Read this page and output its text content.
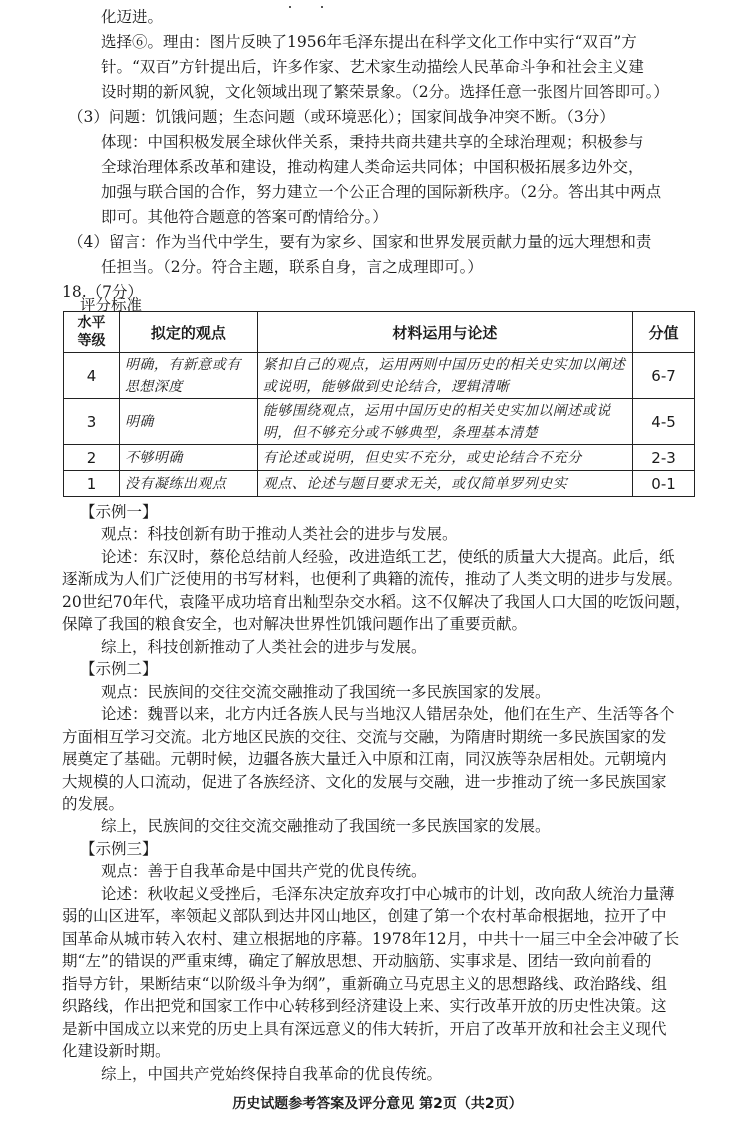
化迈进。
选择⑥。理由：图片反映了1956年毛泽东提出在科学文化工作中实行“双百”方
针。“双百”方针提出后，许多作家、艺术家生动描绘人民革命斗争和社会主义建
设时期的新风貌，文化领域出现了繁荣景象。（2分。选择任意一张图片回答即可。）
（3）问题：饥饿问题；生态问题（或环境恶化）；国家间战争冲突不断。（3分）
体现：中国积极发展全球伙伴关系，秉持共商共建共享的全球治理观；积极参与
全球治理体系改革和建设，推动构建人类命运共同体；中国积极拓展多边外交，
加强与联合国的合作，努力建立一个公正合理的国际新秩序。（2分。答出其中两点
即可。其他符合题意的答案可酌情给分。）
（4）留言：作为当代中学生，要有为家乡、国家和世界发展贡献力量的远大理想和责
任担当。（2分。符合主题，联系自身，言之成理即可。）
18.（7分）
评分标准
水平
等级	拟定的观点	材料运用与论述	分值
4	明确，有新意或有思想深度	紧扣自己的观点，运用两则中国历史的相关史实加以阐述或说明，能够做到史论结合，逻辑清晰	6-7
3	明确	能够围绕观点，运用中国历史的相关史实加以阐述或说明，但不够充分或不够典型，条理基本清楚	4-5
2	不够明确	有论述或说明，但史实不充分，或史论结合不充分	2-3
1	没有凝练出观点	观点、论述与题目要求无关，或仅简单罗列史实	0-1
【示例一】
观点：科技创新有助于推动人类社会的进步与发展。
论述：东汉时，蔡伦总结前人经验，改进造纸工艺，使纸的质量大大提高。此后，纸
逐渐成为人们广泛使用的书写材料，也便利了典籍的流传，推动了人类文明的进步与发展。
20世纪70年代，袁隆平成功培育出籼型杂交水稻。这不仅解决了我国人口大国的吃饭问题，
保障了我国的粮食安全，也对解决世界性饥饿问题作出了重要贡献。
综上，科技创新推动了人类社会的进步与发展。
【示例二】
观点：民族间的交往交流交融推动了我国统一多民族国家的发展。
论述：魏晋以来，北方内迁各族人民与当地汉人错居杂处，他们在生产、生活等各个
方面相互学习交流。北方地区民族的交往、交流与交融，为隋唐时期统一多民族国家的发
展奠定了基础。元朝时候，边疆各族大量迁入中原和江南，同汉族等杂居相处。元朝境内
大规模的人口流动，促进了各族经济、文化的发展与交融，进一步推动了统一多民族国家
的发展。
综上，民族间的交往交流交融推动了我国统一多民族国家的发展。
【示例三】
观点：善于自我革命是中国共产党的优良传统。
论述：秋收起义受挫后，毛泽东决定放弃攻打中心城市的计划，改向敌人统治力量薄
弱的山区进军，率领起义部队到达井冈山地区，创建了第一个农村革命根据地，拉开了中
国革命从城市转入农村、建立根据地的序幕。1978年12月，中共十一届三中全会冲破了长
期“左”的错误的严重束缚，确定了解放思想、开动脑筋、实事求是、团结一致向前看的
指导方针，果断结束“以阶级斗争为纲”，重新确立马克思主义的思想路线、政治路线、组
织路线，作出把党和国家工作中心转移到经济建设上来、实行改革开放的历史性决策。这
是新中国成立以来党的历史上具有深远意义的伟大转折，开启了改革开放和社会主义现代
化建设新时期。
综上，中国共产党始终保持自我革命的优良传统。
历史试题参考答案及评分意见 第2页（共2页）
